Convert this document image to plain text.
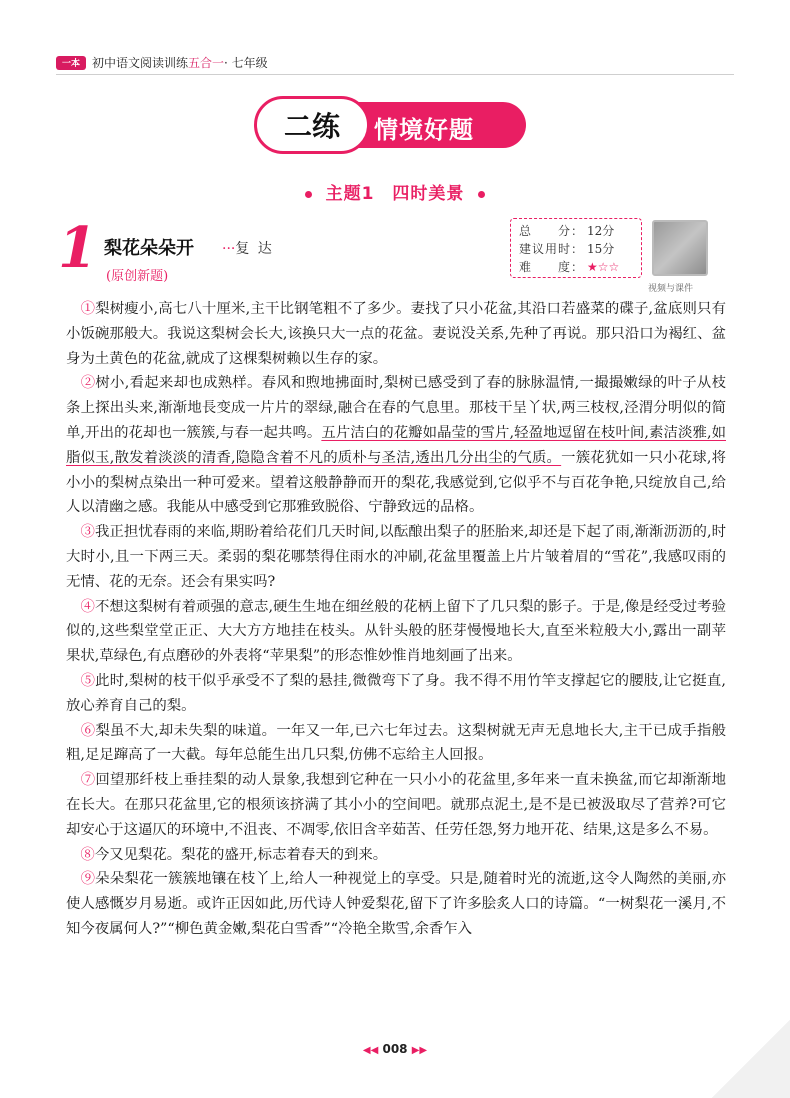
一本	初中语文阅读训练五合一· 七年级
情境好题
二练
主题1　四时美景
1 梨花朵朵开 ···复 达
(原创新题)
总　　分： 12分
建议用时： 15分
难　　度： ★☆☆
视频与课件

　①梨树瘦小,高七八十厘米,主干比钢笔粗不了多少。妻找了只小花盆,其沿口若盛菜的碟子,盆底则只有小饭碗那般大。我说这梨树会长大,该换只大一点的花盆。妻说没关系,先种了再说。那只沿口为褐红、盆身为土黄色的花盆,就成了这棵梨树赖以生存的家。

　②树小,看起来却也成熟样。春风和煦地拂面时,梨树已感受到了春的脉脉温情,一撮撮嫩绿的叶子从枝条上探出头来,渐渐地長变成一片片的翠绿,融合在春的气息里。那枝干呈丫状,两三枝杈,泾渭分明似的简单,开出的花却也一簇簇,与春一起共鸣。五片洁白的花瓣如晶莹的雪片,轻盈地逗留在枝叶间,素洁淡雅,如脂似玉,散发着淡淡的清香,隐隐含着不凡的质朴与圣洁,透出几分出尘的气质。一簇花犹如一只小花球,将小小的梨树点染出一种可爱来。望着这般静静而开的梨花,我感觉到,它似乎不与百花争艳,只绽放自己,给人以清幽之感。我能从中感受到它那雅致脱俗、宁静致远的品格。

　③我正担忧春雨的来临,期盼着给花们几天时间,以酝酿出梨子的胚胎来,却还是下起了雨,渐渐沥沥的,时大时小,且一下两三天。柔弱的梨花哪禁得住雨水的冲刷,花盆里覆盖上片片皱着眉的“雪花”,我感叹雨的无情、花的无奈。还会有果实吗?

　④不想这梨树有着顽强的意志,硬生生地在细丝般的花柄上留下了几只梨的影子。于是,像是经受过考验似的,这些梨堂堂正正、大大方方地挂在枝头。从针头般的胚芽慢慢地长大,直至米粒般大小,露出一副苹果状,草绿色,有点磨砂的外表将“苹果梨”的形态惟妙惟肖地刻画了出来。

　⑤此时,梨树的枝干似乎承受不了梨的悬挂,微微弯下了身。我不得不用竹竿支撑起它的腰肢,让它挺直,放心养育自己的梨。

　⑥梨虽不大,却未失梨的味道。一年又一年,已六七年过去。这梨树就无声无息地长大,主干已成手指般粗,足足蹿高了一大截。每年总能生出几只梨,仿佛不忘给主人回报。

　⑦回望那纤枝上垂挂梨的动人景象,我想到它种在一只小小的花盆里,多年来一直未换盆,而它却渐渐地在长大。在那只花盆里,它的根须该挤满了其小小的空间吧。就那点泥土,是不是已被汲取尽了营养?可它却安心于这逼仄的环境中,不沮丧、不凋零,依旧含辛茹苦、任劳任怨,努力地开花、结果,这是多么不易。

　⑧今又见梨花。梨花的盛开,标志着春天的到来。

　⑨朵朵梨花一簇簇地镶在枝丫上,给人一种视觉上的享受。只是,随着时光的流逝,这令人陶然的美丽,亦使人感慨岁月易逝。或许正因如此,历代诗人钟爱梨花,留下了许多脍炙人口的诗篇。“一树梨花一溪月,不知今夜属何人?”“柳色黄金嫩,梨花白雪香”“冷艳全欺雪,余香乍入

◀◀ 008 ▶▶
